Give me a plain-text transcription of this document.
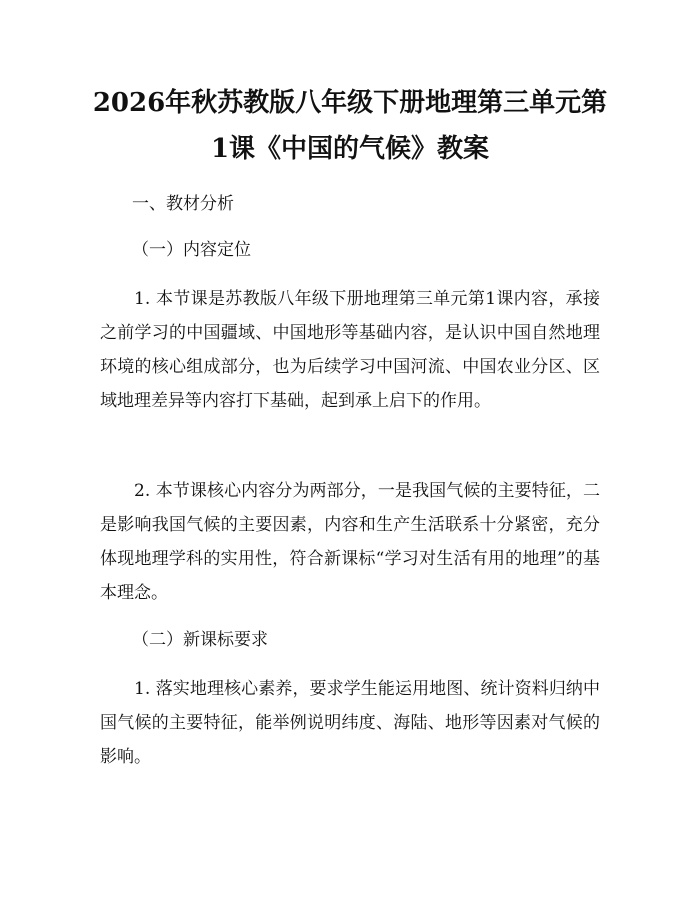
2026年秋苏教版八年级下册地理第三单元第
1课《中国的气候》教案

一、教材分析

（一）内容定位

1. 本节课是苏教版八年级下册地理第三单元第1课内容，承接之前学习的中国疆域、中国地形等基础内容，是认识中国自然地理环境的核心组成部分，也为后续学习中国河流、中国农业分区、区域地理差异等内容打下基础，起到承上启下的作用。

2. 本节课核心内容分为两部分，一是我国气候的主要特征，二是影响我国气候的主要因素，内容和生产生活联系十分紧密，充分体现地理学科的实用性，符合新课标“学习对生活有用的地理”的基本理念。

（二）新课标要求

1. 落实地理核心素养，要求学生能运用地图、统计资料归纳中国气候的主要特征，能举例说明纬度、海陆、地形等因素对气候的影响。
